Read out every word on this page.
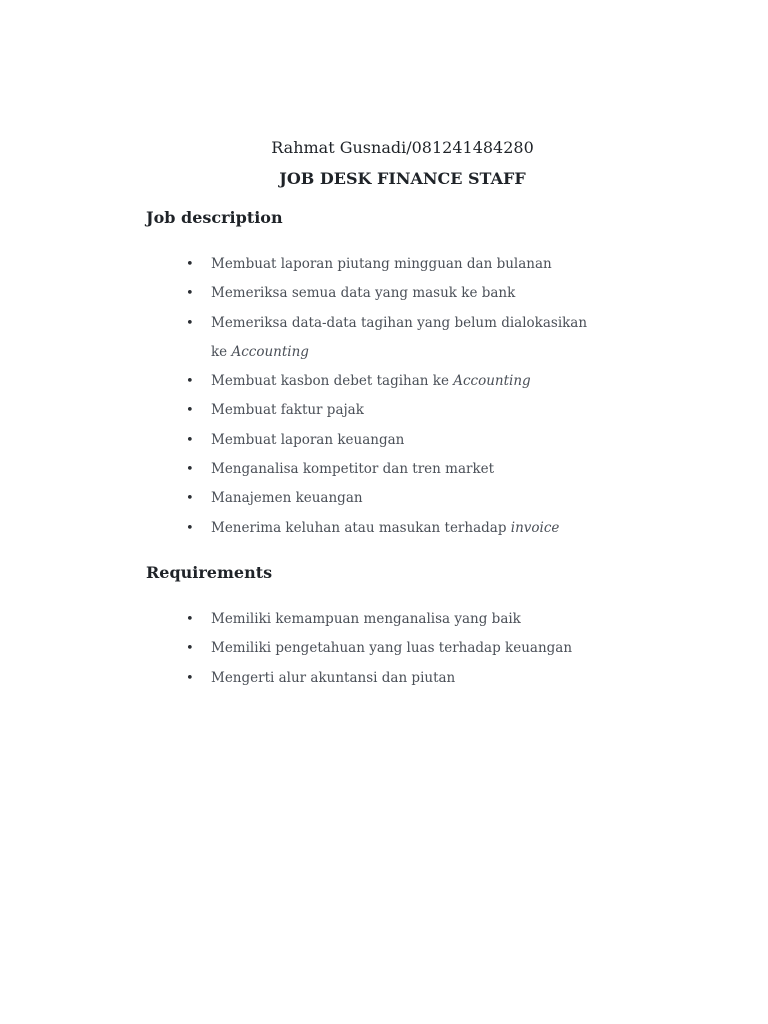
Rahmat Gusnadi/081241484280
JOB DESK FINANCE STAFF
Job description
• Membuat laporan piutang mingguan dan bulanan
• Memeriksa semua data yang masuk ke bank
• Memeriksa data-data tagihan yang belum dialokasikan ke Accounting
• Membuat kasbon debet tagihan ke Accounting
• Membuat faktur pajak
• Membuat laporan keuangan
• Menganalisa kompetitor dan tren market
• Manajemen keuangan
• Menerima keluhan atau masukan terhadap invoice
Requirements
• Memiliki kemampuan menganalisa yang baik
• Memiliki pengetahuan yang luas terhadap keuangan
• Mengerti alur akuntansi dan piutan
